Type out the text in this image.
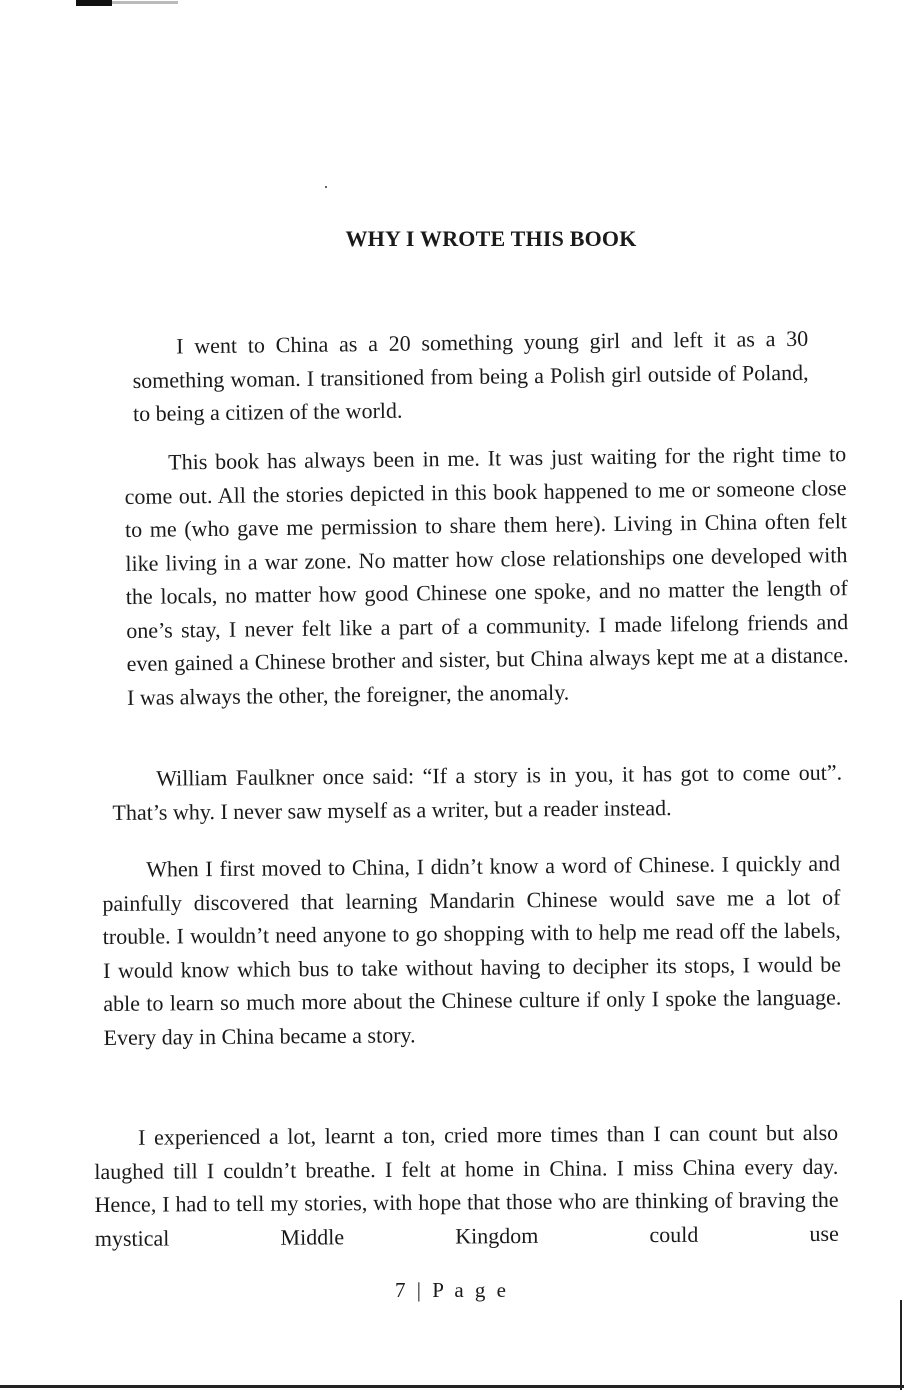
WHY I WROTE THIS BOOK

I went to China as a 20 something young girl and left it as a 30 something woman. I transitioned from being a Polish girl outside of Poland, to being a citizen of the world.

This book has always been in me. It was just waiting for the right time to come out. All the stories depicted in this book happened to me or someone close to me (who gave me permission to share them here). Living in China often felt like living in a war zone. No matter how close relationships one developed with the locals, no matter how good Chinese one spoke, and no matter the length of one’s stay, I never felt like a part of a community. I made lifelong friends and even gained a Chinese brother and sister, but China always kept me at a distance. I was always the other, the foreigner, the anomaly.

William Faulkner once said: “If a story is in you, it has got to come out”. That’s why. I never saw myself as a writer, but a reader instead.

When I first moved to China, I didn’t know a word of Chinese. I quickly and painfully discovered that learning Mandarin Chinese would save me a lot of trouble. I wouldn’t need anyone to go shopping with to help me read off the labels, I would know which bus to take without having to decipher its stops, I would be able to learn so much more about the Chinese culture if only I spoke the language. Every day in China became a story.

I experienced a lot, learnt a ton, cried more times than I can count but also laughed till I couldn’t breathe. I felt at home in China. I miss China every day. Hence, I had to tell my stories, with hope that those who are thinking of braving the mystical Middle Kingdom could use

7 | P a g e
